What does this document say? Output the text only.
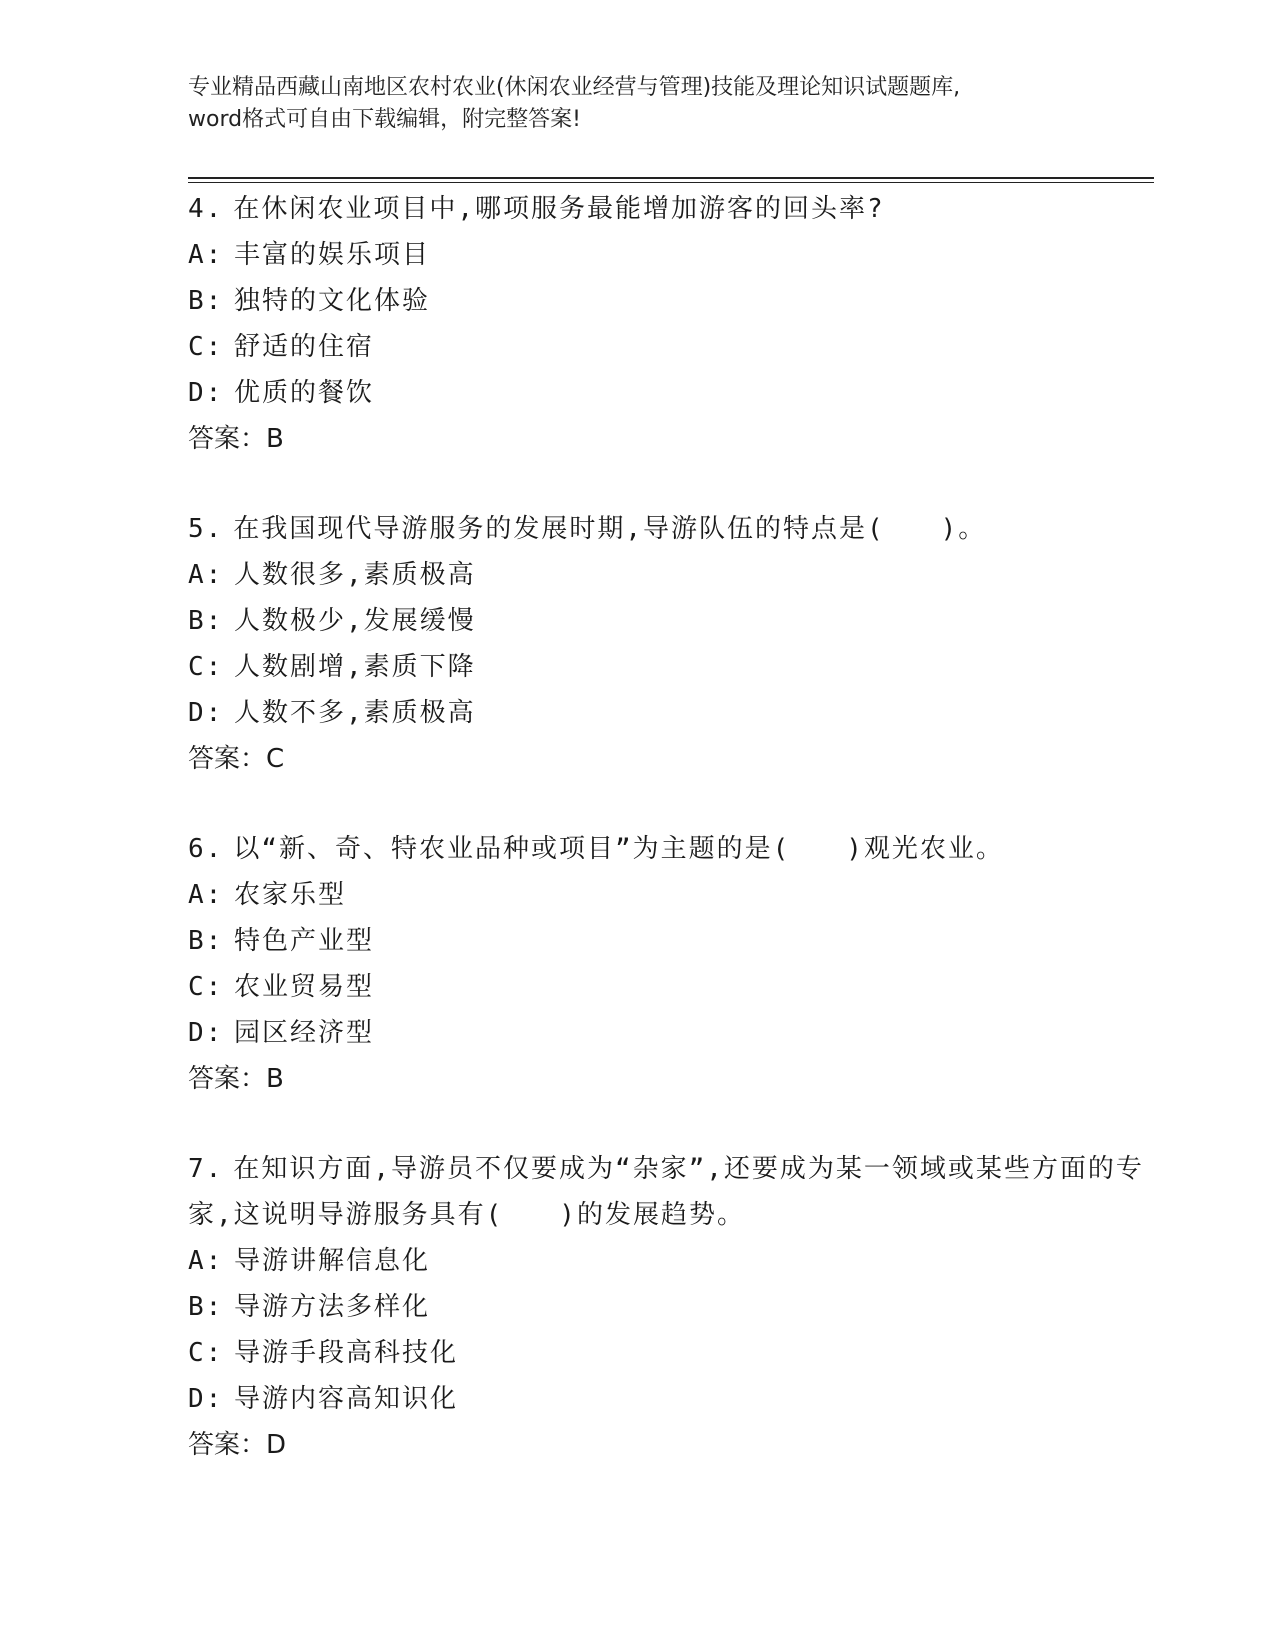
专业精品西藏山南地区农村农业(休闲农业经营与管理)技能及理论知识试题题库,
word格式可自由下载编辑，附完整答案!
4. 在休闲农业项目中,哪项服务最能增加游客的回头率?
A: 丰富的娱乐项目
B: 独特的文化体验
C: 舒适的住宿
D: 优质的餐饮
答案：B
5. 在我国现代导游服务的发展时期,导游队伍的特点是(　　)。
A: 人数很多,素质极高
B: 人数极少,发展缓慢
C: 人数剧增,素质下降
D: 人数不多,素质极高
答案：C
6. 以“新、奇、特农业品种或项目”为主题的是(　　)观光农业。
A: 农家乐型
B: 特色产业型
C: 农业贸易型
D: 园区经济型
答案：B
7. 在知识方面,导游员不仅要成为“杂家”,还要成为某一领域或某些方面的专家,这说明导游服务具有(　　)的发展趋势。
A: 导游讲解信息化
B: 导游方法多样化
C: 导游手段高科技化
D: 导游内容高知识化
答案：D
